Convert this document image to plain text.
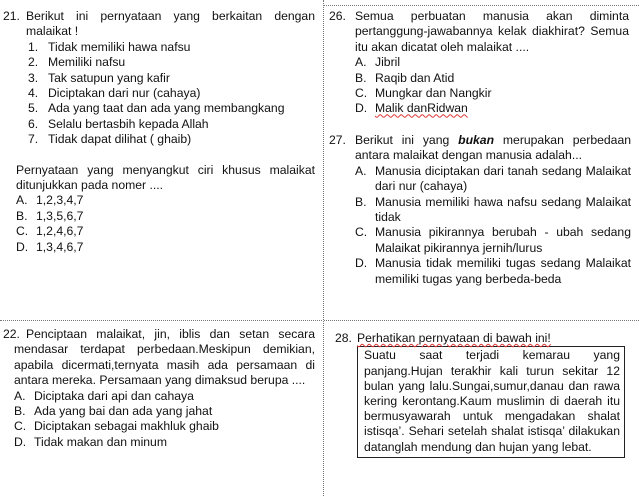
21. Berikut ini pernyataan yang berkaitan dengan malaikat !

1. Tidak memiliki hawa nafsu
2. Memiliki nafsu
3. Tak satupun yang kafir
4. Diciptakan dari nur (cahaya)
5. Ada yang taat dan ada yang membangkang
6. Selalu bertasbih kepada Allah
7. Tidak dapat dilihat ( ghaib)

Pernyataan yang menyangkut ciri khusus malaikat ditunjukkan pada nomer ....

A. 1,2,3,4,7
B. 1,3,5,6,7
C. 1,2,4,6,7
D. 1,3,4,6,7
22. Penciptaan malaikat, jin, iblis dan setan secara mendasar terdapat perbedaan.Meskipun demikian, apabila dicermati,ternyata masih ada persamaan di antara mereka. Persamaan yang dimaksud berupa ....

A. Diciptaka dari api dan cahaya
B. Ada yang bai dan ada yang jahat
C. Diciptakan sebagai makhluk ghaib
D. Tidak makan dan minum
26. Semua perbuatan manusia akan diminta pertanggung-jawabannya kelak diakhirat? Semua itu akan dicatat oleh malaikat ....

A. Jibril
B. Raqib dan Atid
C. Mungkar dan Nangkir
D. Malik danRidwan
27. Berikut ini yang bukan merupakan perbedaan antara malaikat dengan manusia adalah...

A. Manusia diciptakan dari tanah sedang Malaikat dari nur (cahaya)
B. Manusia memiliki hawa nafsu sedang Malaikat tidak
C. Manusia pikirannya berubah - ubah sedang Malaikat pikirannya jernih/lurus
D. Manusia tidak memiliki tugas sedang Malaikat memiliki tugas yang berbeda-beda
28. Perhatikan pernyataan di bawah ini!

Suatu saat terjadi kemarau yang panjang.Hujan terakhir kali turun sekitar 12 bulan yang lalu.Sungai,sumur,danau dan rawa kering kerontang.Kaum muslimin di daerah itu bermusyawarah untuk mengadakan shalat istisqa’. Sehari setelah shalat istisqa’ dilakukan datanglah mendung dan hujan yang lebat.
